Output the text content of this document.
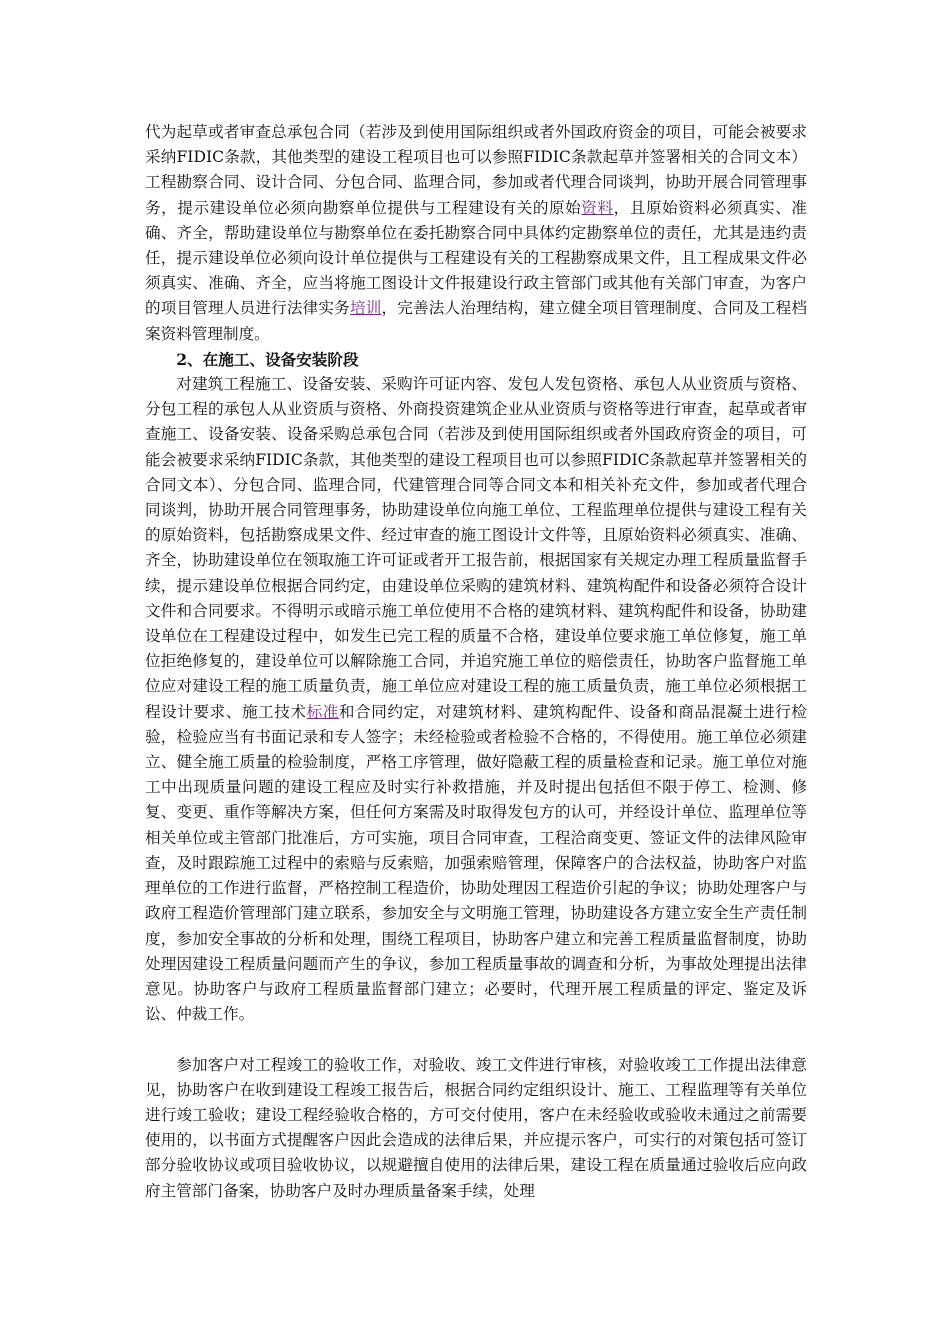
代为起草或者审查总承包合同（若涉及到使用国际组织或者外国政府资金的项目，可能会被要求采纳FIDIC条款，其他类型的建设工程项目也可以参照FIDIC条款起草并签署相关的合同文本）工程勘察合同、设计合同、分包合同、监理合同，参加或者代理合同谈判，协助开展合同管理事务，提示建设单位必须向勘察单位提供与工程建设有关的原始资料，且原始资料必须真实、准确、齐全，帮助建设单位与勘察单位在委托勘察合同中具体约定勘察单位的责任，尤其是违约责任，提示建设单位必须向设计单位提供与工程建设有关的工程勘察成果文件，且工程成果文件必须真实、准确、齐全，应当将施工图设计文件报建设行政主管部门或其他有关部门审查，为客户的项目管理人员进行法律实务培训，完善法人治理结构，建立健全项目管理制度、合同及工程档案资料管理制度。

2、在施工、设备安装阶段

对建筑工程施工、设备安装、采购许可证内容、发包人发包资格、承包人从业资质与资格、分包工程的承包人从业资质与资格、外商投资建筑企业从业资质与资格等进行审查，起草或者审查施工、设备安装、设备采购总承包合同（若涉及到使用国际组织或者外国政府资金的项目，可能会被要求采纳FIDIC条款，其他类型的建设工程项目也可以参照FIDIC条款起草并签署相关的合同文本）、分包合同、监理合同，代建管理合同等合同文本和相关补充文件，参加或者代理合同谈判，协助开展合同管理事务，协助建设单位向施工单位、工程监理单位提供与建设工程有关的原始资料，包括勘察成果文件、经过审查的施工图设计文件等，且原始资料必须真实、准确、齐全，协助建设单位在领取施工许可证或者开工报告前，根据国家有关规定办理工程质量监督手续，提示建设单位根据合同约定，由建设单位采购的建筑材料、建筑构配件和设备必须符合设计文件和合同要求。不得明示或暗示施工单位使用不合格的建筑材料、建筑构配件和设备，协助建设单位在工程建设过程中，如发生已完工程的质量不合格，建设单位要求施工单位修复，施工单位拒绝修复的，建设单位可以解除施工合同，并追究施工单位的赔偿责任，协助客户监督施工单位应对建设工程的施工质量负责，施工单位应对建设工程的施工质量负责，施工单位必须根据工程设计要求、施工技术标准和合同约定，对建筑材料、建筑构配件、设备和商品混凝土进行检验，检验应当有书面记录和专人签字；未经检验或者检验不合格的，不得使用。施工单位必须建立、健全施工质量的检验制度，严格工序管理，做好隐蔽工程的质量检查和记录。施工单位对施工中出现质量问题的建设工程应及时实行补救措施，并及时提出包括但不限于停工、检测、修复、变更、重作等解决方案，但任何方案需及时取得发包方的认可，并经设计单位、监理单位等相关单位或主管部门批准后，方可实施，项目合同审查，工程洽商变更、签证文件的法律风险审查，及时跟踪施工过程中的索赔与反索赔，加强索赔管理，保障客户的合法权益，协助客户对监理单位的工作进行监督，严格控制工程造价，协助处理因工程造价引起的争议；协助处理客户与政府工程造价管理部门建立联系，参加安全与文明施工管理，协助建设各方建立安全生产责任制度，参加安全事故的分析和处理，围绕工程项目，协助客户建立和完善工程质量监督制度，协助处理因建设工程质量问题而产生的争议，参加工程质量事故的调查和分析，为事故处理提出法律意见。协助客户与政府工程质量监督部门建立；必要时，代理开展工程质量的评定、鉴定及诉讼、仲裁工作。

参加客户对工程竣工的验收工作，对验收、竣工文件进行审核，对验收竣工工作提出法律意见，协助客户在收到建设工程竣工报告后，根据合同约定组织设计、施工、工程监理等有关单位进行竣工验收；建设工程经验收合格的，方可交付使用，客户在未经验收或验收未通过之前需要使用的，以书面方式提醒客户因此会造成的法律后果，并应提示客户，可实行的对策包括可签订部分验收协议或项目验收协议，以规避擅自使用的法律后果，建设工程在质量通过验收后应向政府主管部门备案，协助客户及时办理质量备案手续，处理
